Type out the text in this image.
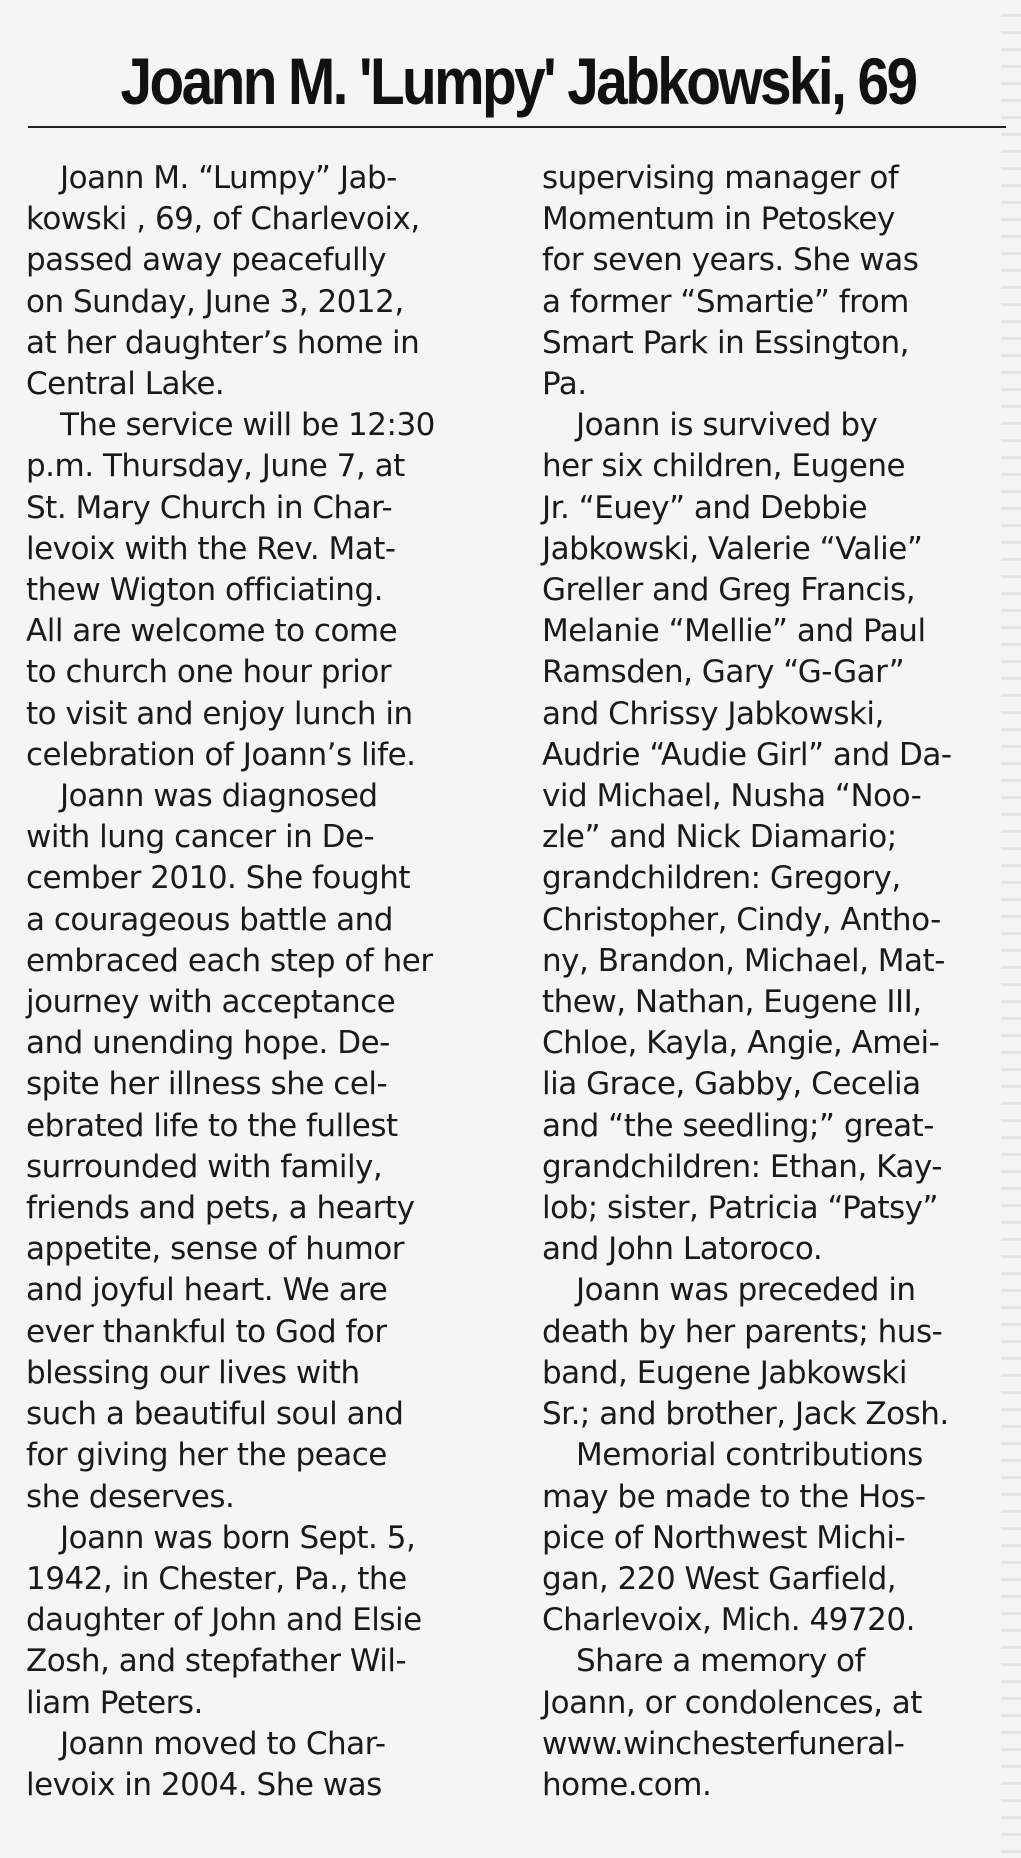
Joann M. 'Lumpy' Jabkowski, 69
Joann M. “Lumpy” Jab-
kowski , 69, of Charlevoix,
passed away peacefully
on Sunday, June 3, 2012,
at her daughter’s home in
Central Lake.
The service will be 12:30
p.m. Thursday, June 7, at
St. Mary Church in Char-
levoix with the Rev. Mat-
thew Wigton officiating.
All are welcome to come
to church one hour prior
to visit and enjoy lunch in
celebration of Joann’s life.
Joann was diagnosed
with lung cancer in De-
cember 2010. She fought
a courageous battle and
embraced each step of her
journey with acceptance
and unending hope. De-
spite her illness she cel-
ebrated life to the fullest
surrounded with family,
friends and pets, a hearty
appetite, sense of humor
and joyful heart. We are
ever thankful to God for
blessing our lives with
such a beautiful soul and
for giving her the peace
she deserves.
Joann was born Sept. 5,
1942, in Chester, Pa., the
daughter of John and Elsie
Zosh, and stepfather Wil-
liam Peters.
Joann moved to Char-
levoix in 2004. She was
supervising manager of
Momentum in Petoskey
for seven years. She was
a former “Smartie” from
Smart Park in Essington,
Pa.
Joann is survived by
her six children, Eugene
Jr. “Euey” and Debbie
Jabkowski, Valerie “Valie”
Greller and Greg Francis,
Melanie “Mellie” and Paul
Ramsden, Gary “G-Gar”
and Chrissy Jabkowski,
Audrie “Audie Girl” and Da-
vid Michael, Nusha “Noo-
zle” and Nick Diamario;
grandchildren: Gregory,
Christopher, Cindy, Antho-
ny, Brandon, Michael, Mat-
thew, Nathan, Eugene III,
Chloe, Kayla, Angie, Amei-
lia Grace, Gabby, Cecelia
and “the seedling;” great-
grandchildren: Ethan, Kay-
lob; sister, Patricia “Patsy”
and John Latoroco.
Joann was preceded in
death by her parents; hus-
band, Eugene Jabkowski
Sr.; and brother, Jack Zosh.
Memorial contributions
may be made to the Hos-
pice of Northwest Michi-
gan, 220 West Garfield,
Charlevoix, Mich. 49720.
Share a memory of
Joann, or condolences, at
www.winchesterfuneral-
home.com.
